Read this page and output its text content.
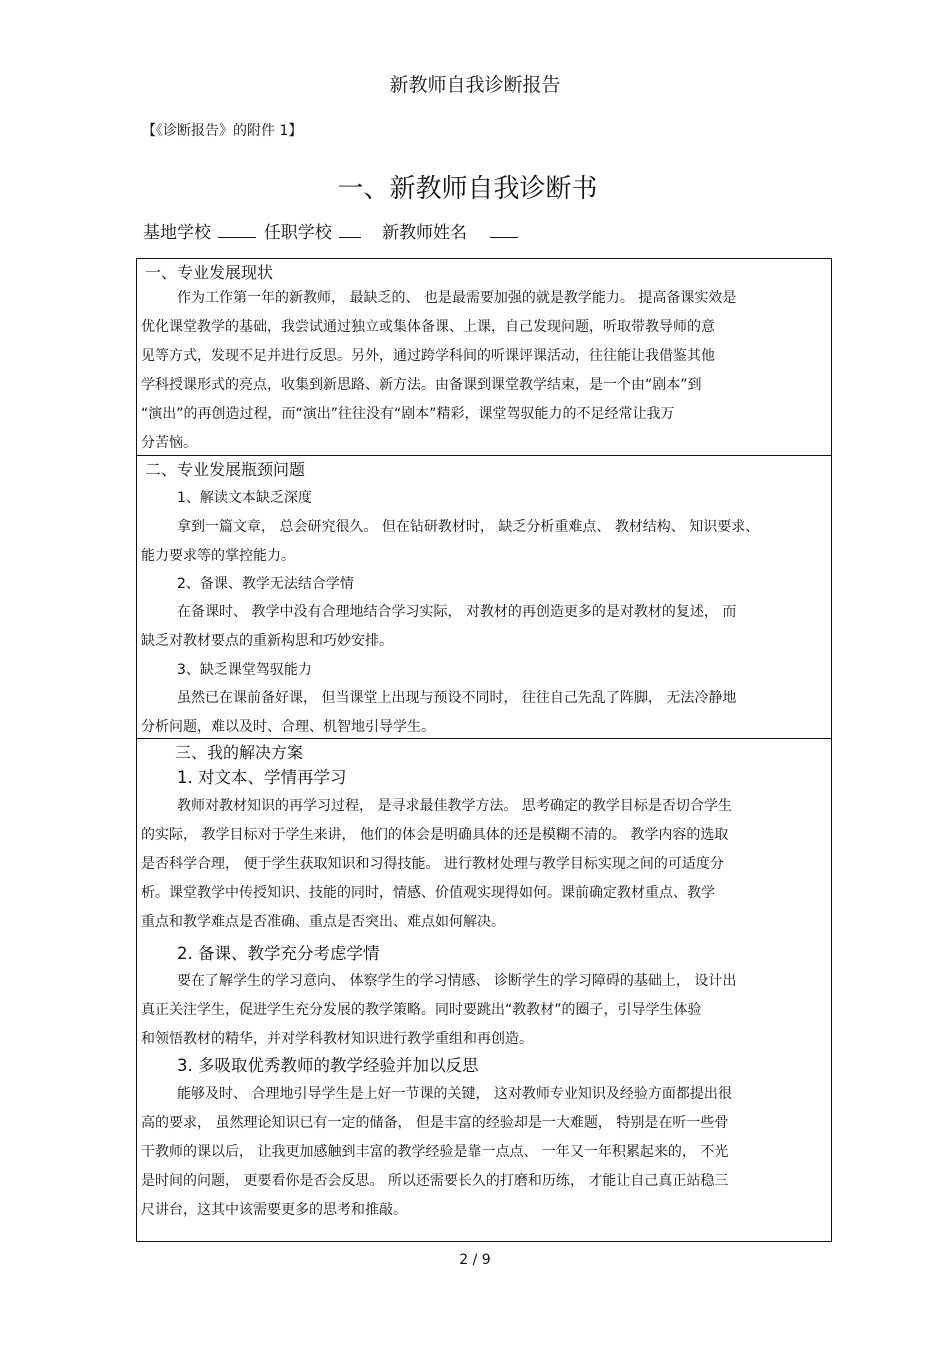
新教师自我诊断报告
【《诊断报告》的附件 1】
一、新教师自我诊断书
基地学校	任职学校	新教师姓名
一、专业发展现状
作为工作第一年的新教师， 最缺乏的、 也是最需要加强的就是教学能力。 提高备课实效是
优化课堂教学的基础，我尝试通过独立或集体备课、上课，自己发现问题，听取带教导师的意
见等方式，发现不足并进行反思。另外，通过跨学科间的听课评课活动，往往能让我借鉴其他
学科授课形式的亮点，收集到新思路、新方法。由备课到课堂教学结束，是一个由“剧本”到
“演出”的再创造过程，而“演出”往往没有“剧本”精彩，课堂驾驭能力的不足经常让我万
分苦恼。
二、专业发展瓶颈问题
1、解读文本缺乏深度
拿到一篇文章， 总会研究很久。 但在钻研教材时， 缺乏分析重难点、 教材结构、 知识要求、
能力要求等的掌控能力。
2、备课、教学无法结合学情
在备课时、 教学中没有合理地结合学习实际， 对教材的再创造更多的是对教材的复述， 而
缺乏对教材要点的重新构思和巧妙安排。
3、缺乏课堂驾驭能力
虽然已在课前备好课， 但当课堂上出现与预设不同时， 往往自己先乱了阵脚， 无法冷静地
分析问题，难以及时、合理、机智地引导学生。
三、我的解决方案
1. 对文本、学情再学习
教师对教材知识的再学习过程， 是寻求最佳教学方法。 思考确定的教学目标是否切合学生
的实际， 教学目标对于学生来讲， 他们的体会是明确具体的还是模糊不清的。 教学内容的选取
是否科学合理， 便于学生获取知识和习得技能。 进行教材处理与教学目标实现之间的可适度分
析。课堂教学中传授知识、技能的同时，情感、价值观实现得如何。课前确定教材重点、教学
重点和教学难点是否准确、重点是否突出、难点如何解决。
2. 备课、教学充分考虑学情
要在了解学生的学习意向、 体察学生的学习情感、 诊断学生的学习障碍的基础上， 设计出
真正关注学生，促进学生充分发展的教学策略。同时要跳出“教教材”的圈子，引导学生体验
和领悟教材的精华，并对学科教材知识进行教学重组和再创造。
3. 多吸取优秀教师的教学经验并加以反思
能够及时、 合理地引导学生是上好一节课的关键， 这对教师专业知识及经验方面都提出很
高的要求， 虽然理论知识已有一定的储备， 但是丰富的经验却是一大难题， 特别是在听一些骨
干教师的课以后， 让我更加感触到丰富的教学经验是靠一点点、 一年又一年积累起来的， 不光
是时间的问题， 更要看你是否会反思。 所以还需要长久的打磨和历练， 才能让自己真正站稳三
尺讲台，这其中该需要更多的思考和推敲。
2 / 9
